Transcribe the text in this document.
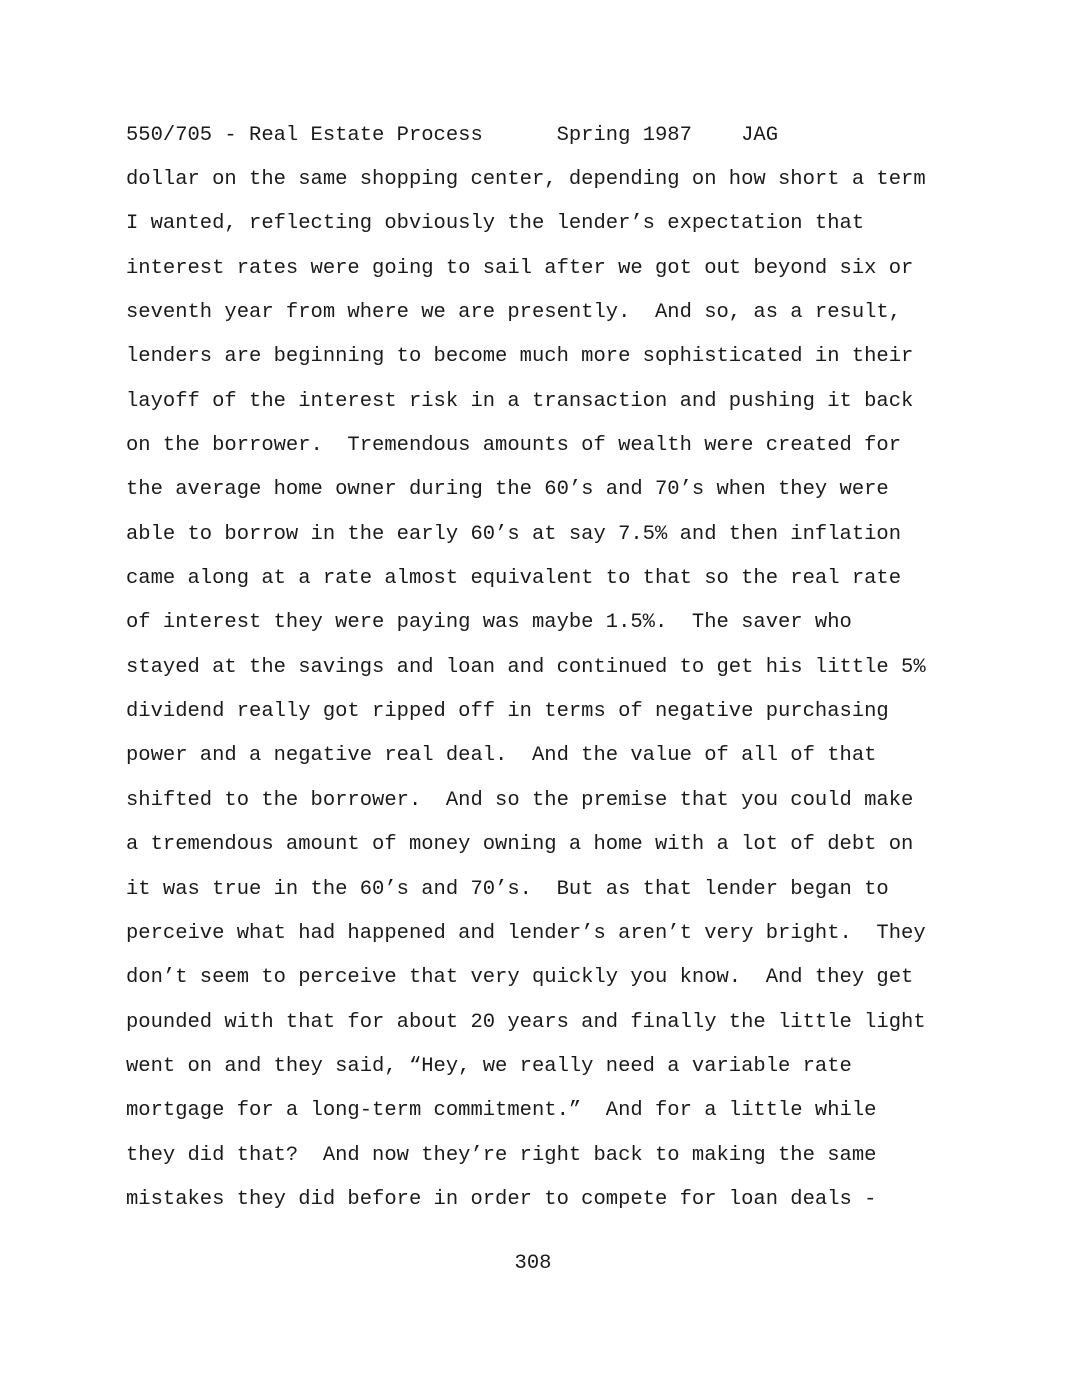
550/705 - Real Estate Process	Spring 1987 JAG
dollar on the same shopping center, depending on how short a term
I wanted, reflecting obviously the lender’s expectation that
interest rates were going to sail after we got out beyond six or
seventh year from where we are presently.  And so, as a result,
lenders are beginning to become much more sophisticated in their
layoff of the interest risk in a transaction and pushing it back
on the borrower.  Tremendous amounts of wealth were created for
the average home owner during the 60’s and 70’s when they were
able to borrow in the early 60’s at say 7.5% and then inflation
came along at a rate almost equivalent to that so the real rate
of interest they were paying was maybe 1.5%.  The saver who
stayed at the savings and loan and continued to get his little 5%
dividend really got ripped off in terms of negative purchasing
power and a negative real deal.  And the value of all of that
shifted to the borrower.  And so the premise that you could make
a tremendous amount of money owning a home with a lot of debt on
it was true in the 60’s and 70’s.  But as that lender began to
perceive what had happened and lender’s aren’t very bright.  They
don’t seem to perceive that very quickly you know.  And they get
pounded with that for about 20 years and finally the little light
went on and they said, “Hey, we really need a variable rate
mortgage for a long-term commitment.”  And for a little while
they did that?  And now they’re right back to making the same
mistakes they did before in order to compete for loan deals -
308
